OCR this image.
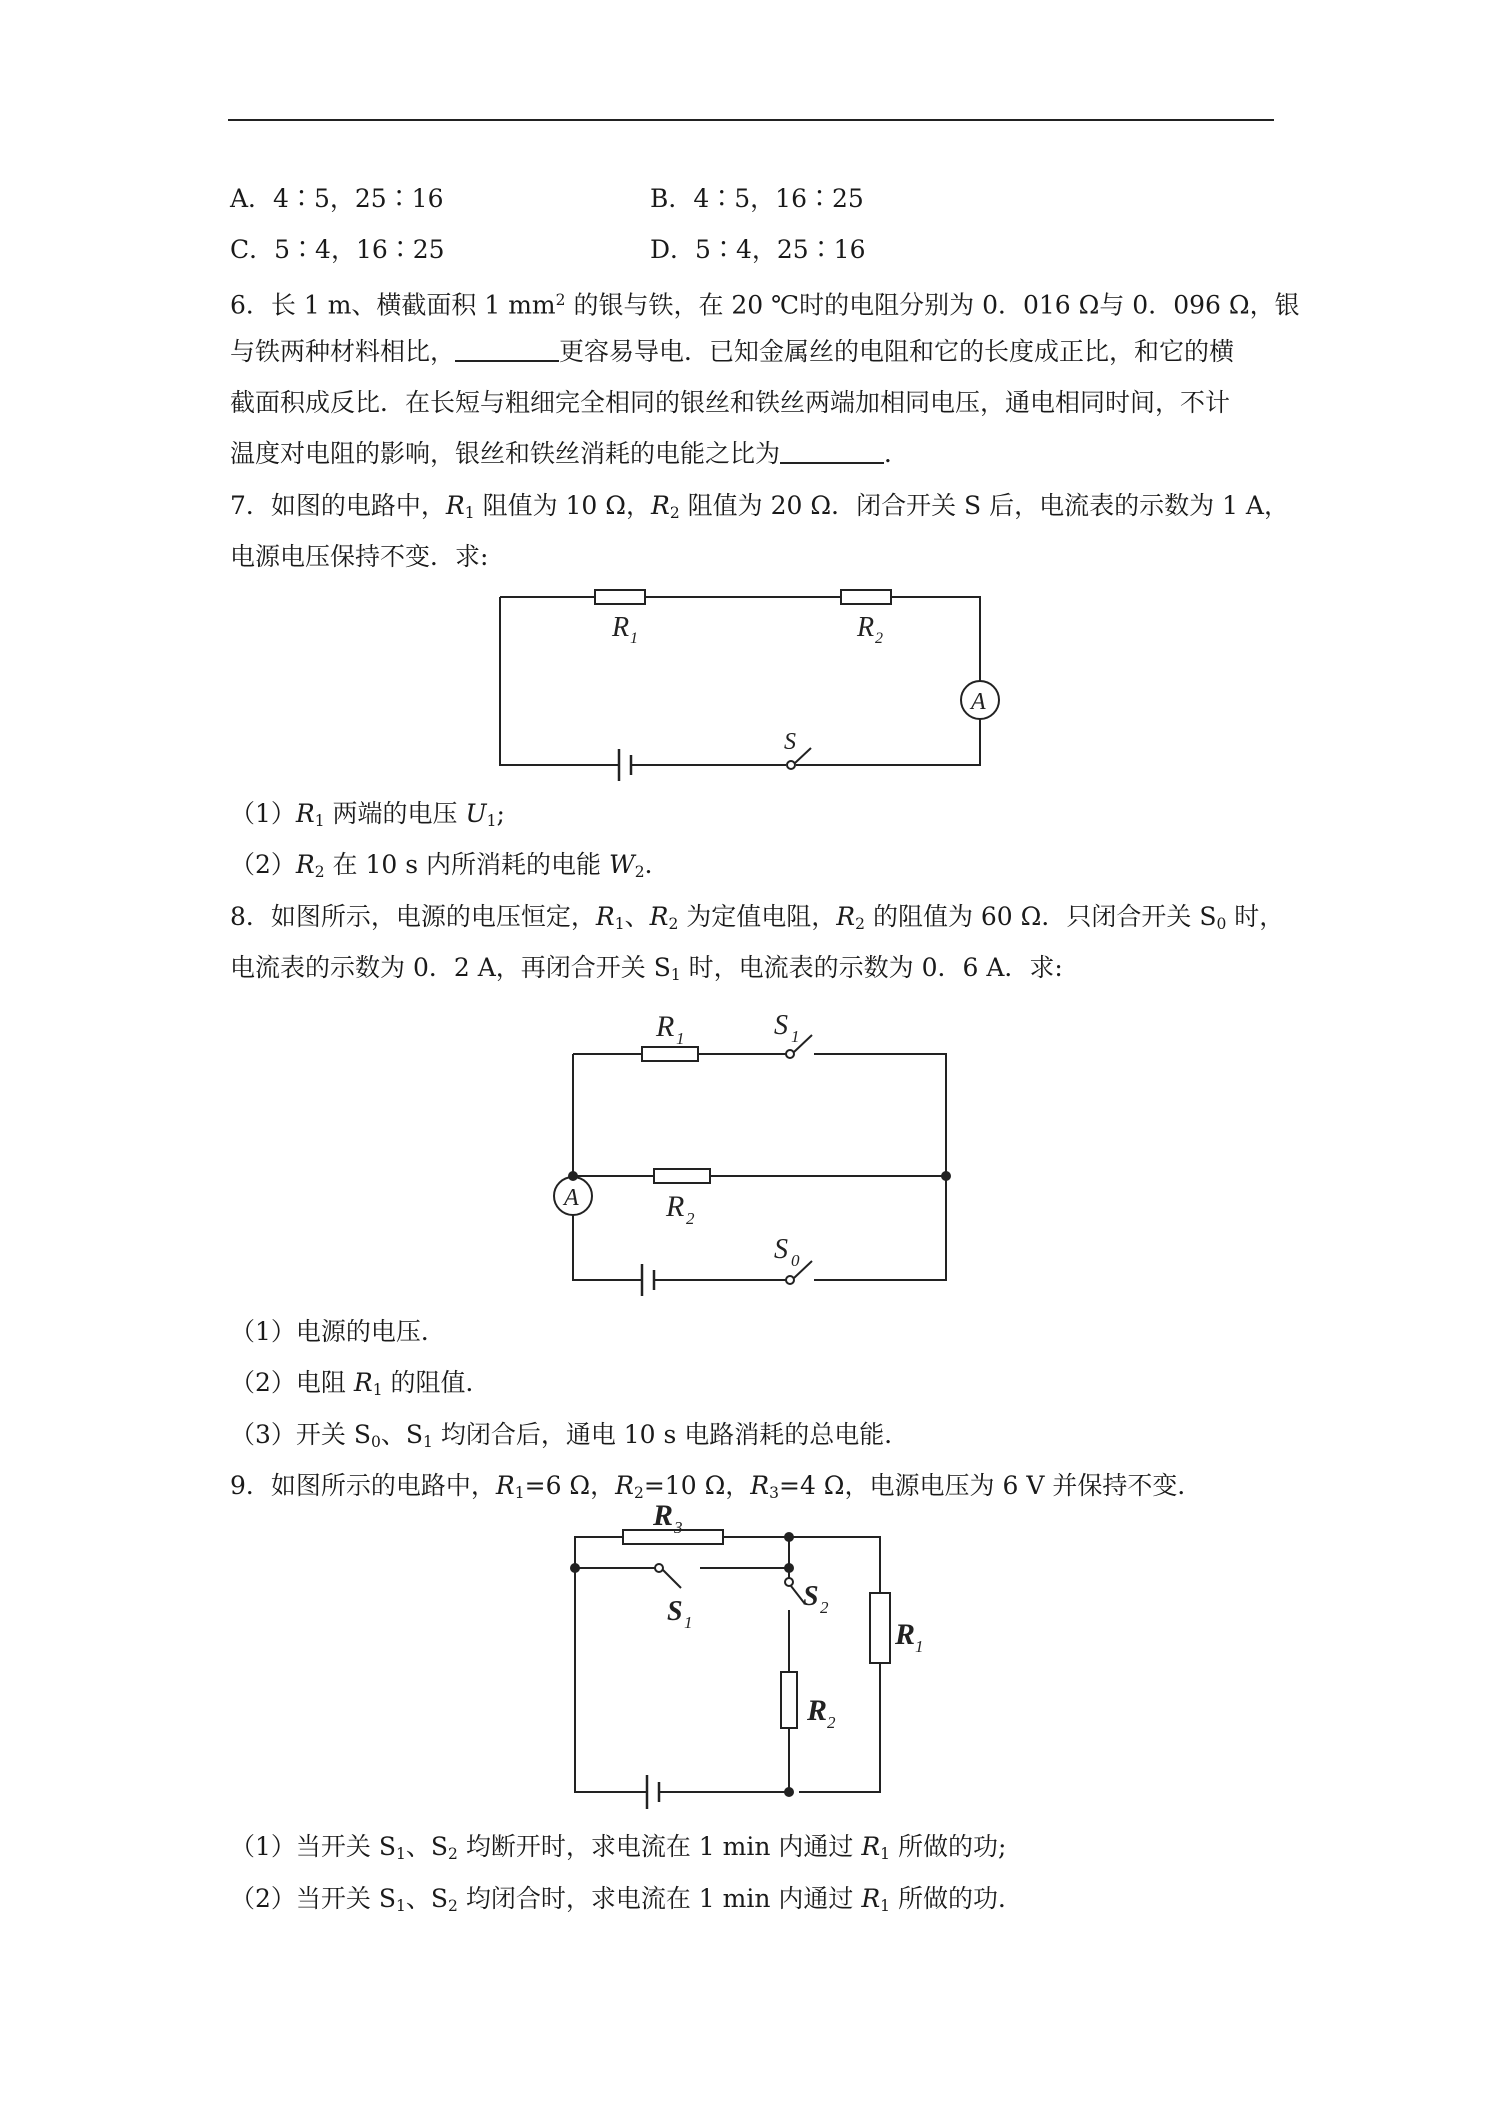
A．4∶5，25∶16	B．4∶5，16∶25
C．5∶4，16∶25	D．5∶4，25∶16
6．长 1 m、横截面积 1 $mm^2$ 的银与铁，在 20 ℃时的电阻分别为 0．016 Ω与 0．096 Ω，银
与铁两种材料相比，	更容易导电．已知金属丝的电阻和它的长度成正比，和它的横
截面积成反比．在长短与粗细完全相同的银丝和铁丝两端加相同电压，通电相同时间，不计
温度对电阻的影响，银丝和铁丝消耗的电能之比为	．
7．如图的电路中，$R_1$ 阻值为 10 Ω，$R_2$ 阻值为 20 Ω．闭合开关 S 后，电流表的示数为 1 A，
电源电压保持不变．求:
R 1	R 2
A
S
$(1)R_1$ 两端的电压 $U_1$;
$(2)R_2$ 在 10 s 内所消耗的电能 $W_2$．
8．如图所示，电源的电压恒定，$R_1$、$R_2$ 为定值电阻，$R_2$ 的阻值为 60 Ω．只闭合开关 $S_0$ 时，
电流表的示数为 0．2 A，再闭合开关 $S_1$ 时，电流表的示数为 0．6 A．求:
R 1
R 2
S 1
S 0
A
（1）电源的电压．
（2）电阻 $R_1$ 的阻值．
（3）开关 $S_0$、$S_1$ 均闭合后，通电 10 s 电路消耗的总电能．
9．如图所示的电路中，$R_1=6$ Ω，$R_2=10$ Ω，$R_3=4$ Ω，电源电压为 6 V 并保持不变．
R 3
R 1
R 2
S 1
S 2
（1）当开关 $S_1$、$S_2$ 均断开时，求电流在 1 min 内通过 $R_1$ 所做的功;
（2）当开关 $S_1$、$S_2$ 均闭合时，求电流在 1 min 内通过 $R_1$ 所做的功．
